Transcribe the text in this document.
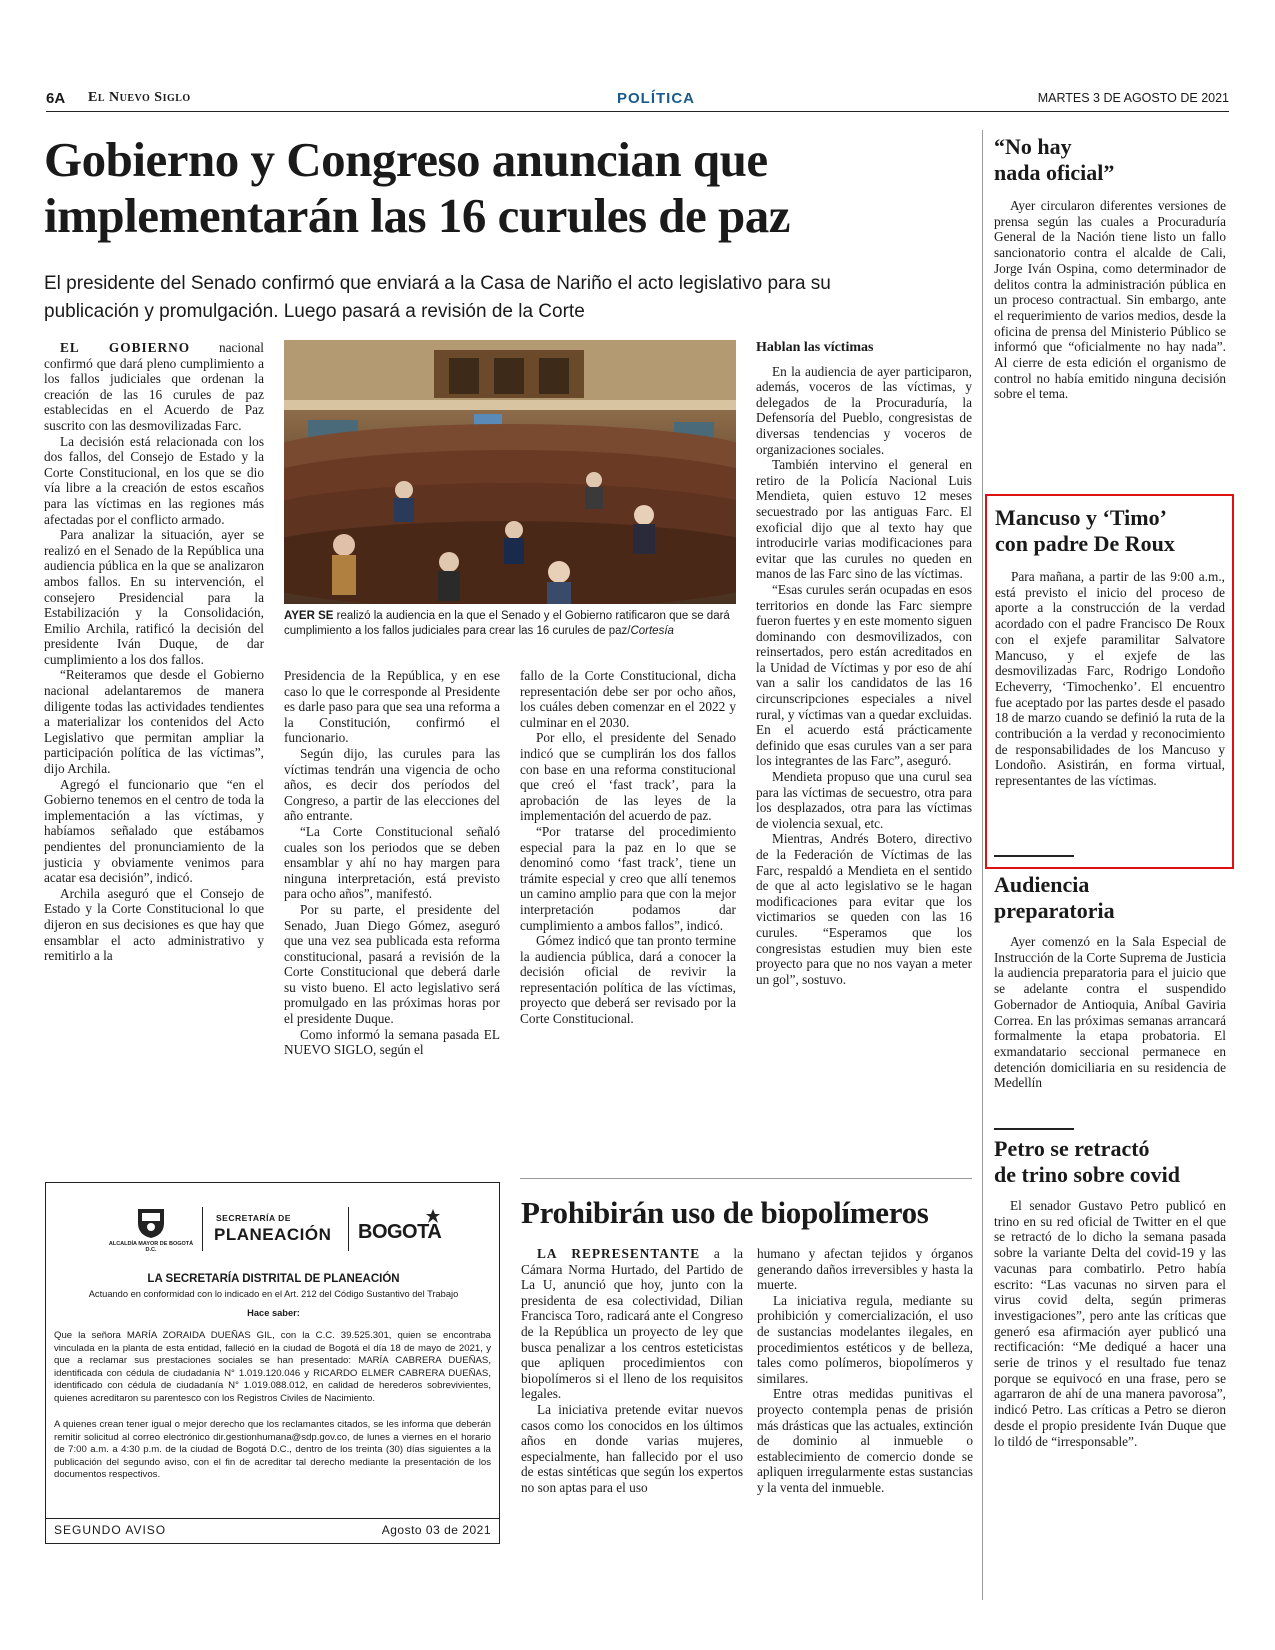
6A El Nuevo Siglo	POLÍTICA	MARTES 3 DE AGOSTO DE 2021
Gobierno y Congreso anuncian que
implementarán las 16 curules de paz
El presidente del Senado confirmó que enviará a la Casa de Nariño el acto legislativo para su
publicación y promulgación. Luego pasará a revisión de la Corte

EL GOBIERNO nacional confirmó que dará pleno cumplimiento a los fallos judiciales que ordenan la creación de las 16 curules de paz establecidas en el Acuerdo de Paz suscrito con las desmovilizadas Farc.

La decisión está relacionada con los dos fallos, del Consejo de Estado y la Corte Constitucional, en los que se dio vía libre a la creación de estos escaños para las víctimas en las regiones más afectadas por el conflicto armado.

Para analizar la situación, ayer se realizó en el Senado de la República una audiencia pública en la que se analizaron ambos fallos. En su intervención, el consejero Presidencial para la Estabilización y la Consolidación, Emilio Archila, ratificó la decisión del presidente Iván Duque, de dar cumplimiento a los dos fallos.

“Reiteramos que desde el Gobierno nacional adelantaremos de manera diligente todas las actividades tendientes a materializar los contenidos del Acto Legislativo que permitan ampliar la participación política de las víctimas”, dijo Archila.

Agregó el funcionario que “en el Gobierno tenemos en el centro de toda la implementación a las víctimas, y habíamos señalado que estábamos pendientes del pronunciamiento de la justicia y obviamente venimos para acatar esa decisión”, indicó.

Archila aseguró que el Consejo de Estado y la Corte Constitucional lo que dijeron en sus decisiones es que hay que ensamblar el acto administrativo y remitirlo a la

AYER SE realizó la audiencia en la que el Senado y el Gobierno ratificaron que se dará cumplimiento a los fallos judiciales para crear las 16 curules de paz/Cortesía

Presidencia de la República, y en ese caso lo que le corresponde al Presidente es darle paso para que sea una reforma a la Constitución, confirmó el funcionario.

Según dijo, las curules para las víctimas tendrán una vigencia de ocho años, es decir dos períodos del Congreso, a partir de las elecciones del año entrante.

“La Corte Constitucional señaló cuales son los periodos que se deben ensamblar y ahí no hay margen para ninguna interpretación, está previsto para ocho años”, manifestó.

Por su parte, el presidente del Senado, Juan Diego Gómez, aseguró que una vez sea publicada esta reforma constitucional, pasará a revisión de la Corte Constitucional que deberá darle su visto bueno. El acto legislativo será promulgado en las próximas horas por el presidente Duque.

Como informó la semana pasada EL NUEVO SIGLO, según el

fallo de la Corte Constitucional, dicha representación debe ser por ocho años, los cuáles deben comenzar en el 2022 y culminar en el 2030.

Por ello, el presidente del Senado indicó que se cumplirán los dos fallos con base en una reforma constitucional que creó el ‘fast track’, para la aprobación de las leyes de la implementación del acuerdo de paz.

“Por tratarse del procedimiento especial para la paz en lo que se denominó como ‘fast track’, tiene un trámite especial y creo que allí tenemos un camino amplio para que con la mejor interpretación podamos dar cumplimiento a ambos fallos”, indicó.

Gómez indicó que tan pronto termine la audiencia pública, dará a conocer la decisión oficial de revivir la representación política de las víctimas, proyecto que deberá ser revisado por la Corte Constitucional.

Hablan las víctimas

En la audiencia de ayer participaron, además, voceros de las víctimas, y delegados de la Procuraduría, la Defensoría del Pueblo, congresistas de diversas tendencias y voceros de organizaciones sociales.

También intervino el general en retiro de la Policía Nacional Luis Mendieta, quien estuvo 12 meses secuestrado por las antiguas Farc. El exoficial dijo que al texto hay que introducirle varias modificaciones para evitar que las curules no queden en manos de las Farc sino de las víctimas.

“Esas curules serán ocupadas en esos territorios en donde las Farc siempre fueron fuertes y en este momento siguen dominando con desmovilizados, con reinsertados, pero están acreditados en la Unidad de Víctimas y por eso de ahí van a salir los candidatos de las 16 circunscripciones especiales a nivel rural, y víctimas van a quedar excluidas. En el acuerdo está prácticamente definido que esas curules van a ser para los integrantes de las Farc”, aseguró.

Mendieta propuso que una curul sea para las víctimas de secuestro, otra para los desplazados, otra para las víctimas de violencia sexual, etc.

Mientras, Andrés Botero, directivo de la Federación de Víctimas de las Farc, respaldó a Mendieta en el sentido de que al acto legislativo se le hagan modificaciones para evitar que los victimarios se queden con las 16 curules. “Esperamos que los congresistas estudien muy bien este proyecto para que no nos vayan a meter un gol”, sostuvo.

“No hay
nada oficial”

Ayer circularon diferentes versiones de prensa según las cuales a Procuraduría General de la Nación tiene listo un fallo sancionatorio contra el alcalde de Cali, Jorge Iván Ospina, como determinador de delitos contra la administración pública en un proceso contractual. Sin embargo, ante el requerimiento de varios medios, desde la oficina de prensa del Ministerio Público se informó que “oficialmente no hay nada”. Al cierre de esta edición el organismo de control no había emitido ninguna decisión sobre el tema.

Mancuso y ‘Timo’
con padre De Roux

Para mañana, a partir de las 9:00 a.m., está previsto el inicio del proceso de aporte a la construcción de la verdad acordado con el padre Francisco De Roux con el exjefe paramilitar Salvatore Mancuso, y el exjefe de las desmovilizadas Farc, Rodrigo Londoño Echeverry, ‘Timochenko’. El encuentro fue aceptado por las partes desde el pasado 18 de marzo cuando se definió la ruta de la contribución a la verdad y reconocimiento de responsabilidades de los Mancuso y Londoño. Asistirán, en forma virtual, representantes de las víctimas.

Audiencia
preparatoria

Ayer comenzó en la Sala Especial de Instrucción de la Corte Suprema de Justicia la audiencia preparatoria para el juicio que se adelante contra el suspendido Gobernador de Antioquia, Aníbal Gaviria Correa. En las próximas semanas arrancará formalmente la etapa probatoria. El exmandatario seccional permanece en detención domiciliaria en su residencia de Medellín

Petro se retractó
de trino sobre covid

El senador Gustavo Petro publicó en trino en su red oficial de Twitter en el que se retractó de lo dicho la semana pasada sobre la variante Delta del covid-19 y las vacunas para combatirlo. Petro había escrito: “Las vacunas no sirven para el virus covid delta, según primeras investigaciones”, pero ante las críticas que generó esa afirmación ayer publicó una rectificación: “Me dediqué a hacer una serie de trinos y el resultado fue tenaz porque se equivocó en una frase, pero se agarraron de ahí de una manera pavorosa”, indicó Petro. Las críticas a Petro se dieron desde el propio presidente Iván Duque que lo tildó de “irresponsable”.

ALCALDÍA MAYOR DE BOGOTÁ D.C.
SECRETARÍA DE
PLANEACIÓN BOGOTA
LA SECRETARÍA DISTRITAL DE PLANEACIÓN
Actuando en conformidad con lo indicado en el Art. 212 del Código Sustantivo del Trabajo
Hace saber:
Que la señora MARÍA ZORAIDA DUEÑAS GIL, con la C.C. 39.525.301, quien se encontraba vinculada en la planta de esta entidad, falleció en la ciudad de Bogotá el día 18 de mayo de 2021, y que a reclamar sus prestaciones sociales se han presentado: MARÍA CABRERA DUEÑAS, identificada con cédula de ciudadanía N° 1.019.120.046 y RICARDO ELMER CABRERA DUEÑAS, identificado con cédula de ciudadanía N° 1.019.088.012, en calidad de herederos sobrevivientes, quienes acreditaron su parentesco con los Registros Civiles de Nacimiento.
A quienes crean tener igual o mejor derecho que los reclamantes citados, se les informa que deberán remitir solicitud al correo electrónico dir.gestionhumana@sdp.gov.co, de lunes a viernes en el horario de 7:00 a.m. a 4:30 p.m. de la ciudad de Bogotá D.C., dentro de los treinta (30) días siguientes a la publicación del segundo aviso, con el fin de acreditar tal derecho mediante la presentación de los documentos respectivos.
SEGUNDO AVISO	Agosto 03 de 2021
Prohibirán uso de biopolímeros

LA REPRESENTANTE a la Cámara Norma Hurtado, del Partido de La U, anunció que hoy, junto con la presidenta de esa colectividad, Dilian Francisca Toro, radicará ante el Congreso de la República un proyecto de ley que busca penalizar a los centros esteticistas que apliquen procedimientos con biopolímeros si el lleno de los requisitos legales.

La iniciativa pretende evitar nuevos casos como los conocidos en los últimos años en donde varias mujeres, especialmente, han fallecido por el uso de estas sintéticas que según los expertos no son aptas para el uso

humano y afectan tejidos y órganos generando daños irreversibles y hasta la muerte.

La iniciativa regula, mediante su prohibición y comercialización, el uso de sustancias modelantes ilegales, en procedimientos estéticos y de belleza, tales como polímeros, biopolímeros y similares.

Entre otras medidas punitivas el proyecto contempla penas de prisión más drásticas que las actuales, extinción de dominio al inmueble o establecimiento de comercio donde se apliquen irregularmente estas sustancias y la venta del inmueble.
